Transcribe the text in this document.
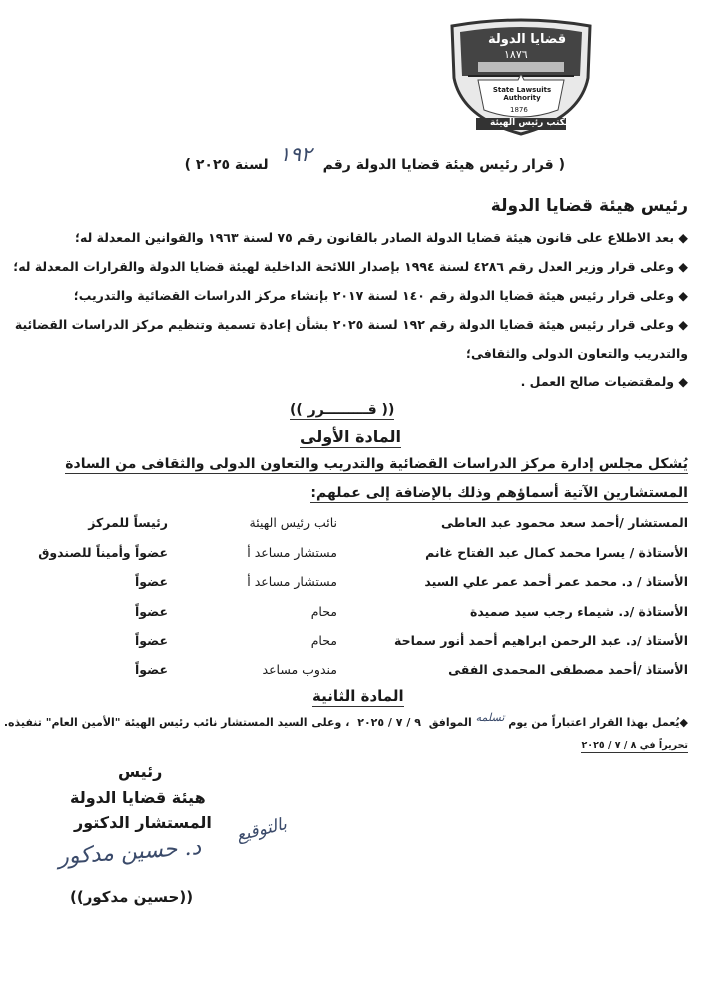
قضايا الدولة
١٨٧٦
State Lawsuits Authority
1876
مكتب رئيس الهيئة
( قرار رئيس هيئة قضايا الدولة رقم ١٩٢ لسنة ٢٠٢٥ )
رئيس هيئة قضايا الدولة
◆ بعد الاطلاع على قانون هيئة قضايا الدولة الصادر بالقانون رقم ٧٥ لسنة ١٩٦٣ والقوانين المعدلة له؛
◆ وعلى قرار وزير العدل رقم ٤٢٨٦ لسنة ١٩٩٤ بإصدار اللائحة الداخلية لهيئة قضايا الدولة والقرارات المعدلة له؛
◆ وعلى قرار رئيس هيئة قضايا الدولة رقم ١٤٠ لسنة ٢٠١٧ بإنشاء مركز الدراسات القضائية والتدريب؛
◆ وعلى قرار رئيس هيئة قضايا الدولة رقم ١٩٢ لسنة ٢٠٢٥ بشأن إعادة تسمية وتنظيم مركز الدراسات القضائية
والتدريب والتعاون الدولى والثقافى؛
◆ ولمقتضيات صالح العمل .
(( قـــــــــرر ))
المادة الأولى
يُشكل مجلس إدارة مركز الدراسات القضائية والتدريب والتعاون الدولى والثقافى من السادة
المستشارين الآتية أسماؤهم وذلك بالإضافة إلى عملهم:
المستشار /أحمد سعد محمود عبد العاطى
نائب رئيس الهيئة
رئيساً للمركز
الأستاذة / يسرا محمد كمال عبد الفتاح غانم
مستشار مساعد أ
عضواً وأميناً للصندوق
الأستاذ / د. محمد عمر أحمد عمر علي السيد
مستشار مساعد أ
عضواً
الأستاذة /د. شيماء رجب سيد صميدة
محام
عضواً
الأستاذ /د. عبد الرحمن ابراهيم أحمد أنور سماحة
محام
عضواً
الأستاذ /أحمد مصطفى المحمدى الفقى
مندوب مساعد
عضواً
المادة الثانية
◆يُعمل بهذا القرار اعتباراً من يوم تسلمه الموافق ٩ / ٧ / ٢٠٢٥ ، وعلى السيد المستشار نائب رئيس الهيئة "الأمين العام" تنفيذه.
تحريراً في ٨ / ٧ / ٢٠٢٥
رئيس
هيئة قضايا الدولة
المستشار الدكتور
د. حسين مدكور
((حسين مدكور))
بالتوقيع
